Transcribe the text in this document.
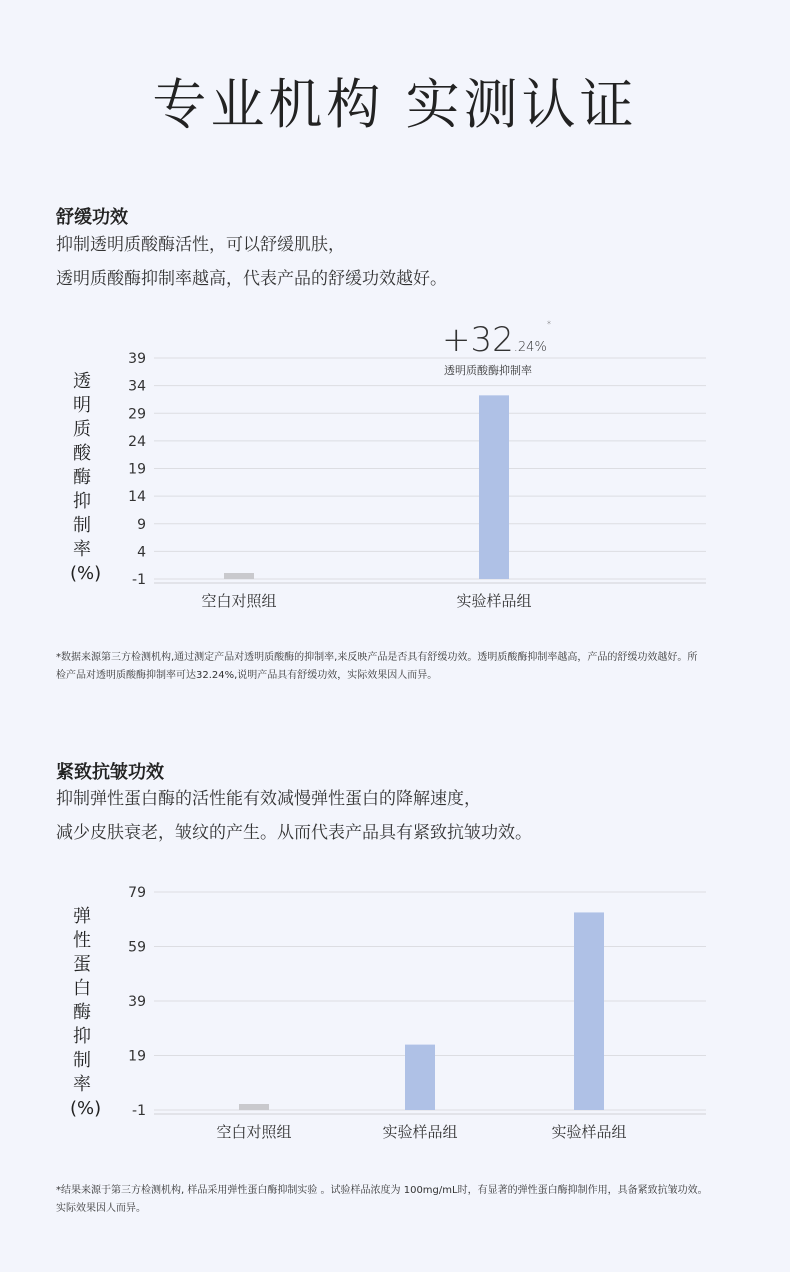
专业机构 实测认证
舒缓功效
抑制透明质酸酶活性，可以舒缓肌肤，
透明质酸酶抑制率越高，代表产品的舒缓功效越好。
透明质酸酶抑制率(%)
+32.24%*
透明质酸酶抑制率
39
34
29
24
19
14
9
4
-1
空白对照组	实验样品组
*数据来源第三方检测机构,通过测定产品对透明质酸酶的抑制率,来反映产品是否具有舒缓功效。透明质酸酶抑制率越高，产品的舒缓功效越好。所
检产品对透明质酸酶抑制率可达32.24%,说明产品具有舒缓功效，实际效果因人而异。
紧致抗皱功效
抑制弹性蛋白酶的活性能有效减慢弹性蛋白的降解速度，
减少皮肤衰老，皱纹的产生。从而代表产品具有紧致抗皱功效。
弹性蛋白酶抑制率(%)
79
59
39
19
-1
空白对照组	实验样品组	实验样品组
*结果来源于第三方检测机构, 样品采用弹性蛋白酶抑制实验 。试验样品浓度为 100mg/mL时，有显著的弹性蛋白酶抑制作用，具备紧致抗皱功效。
实际效果因人而异。
